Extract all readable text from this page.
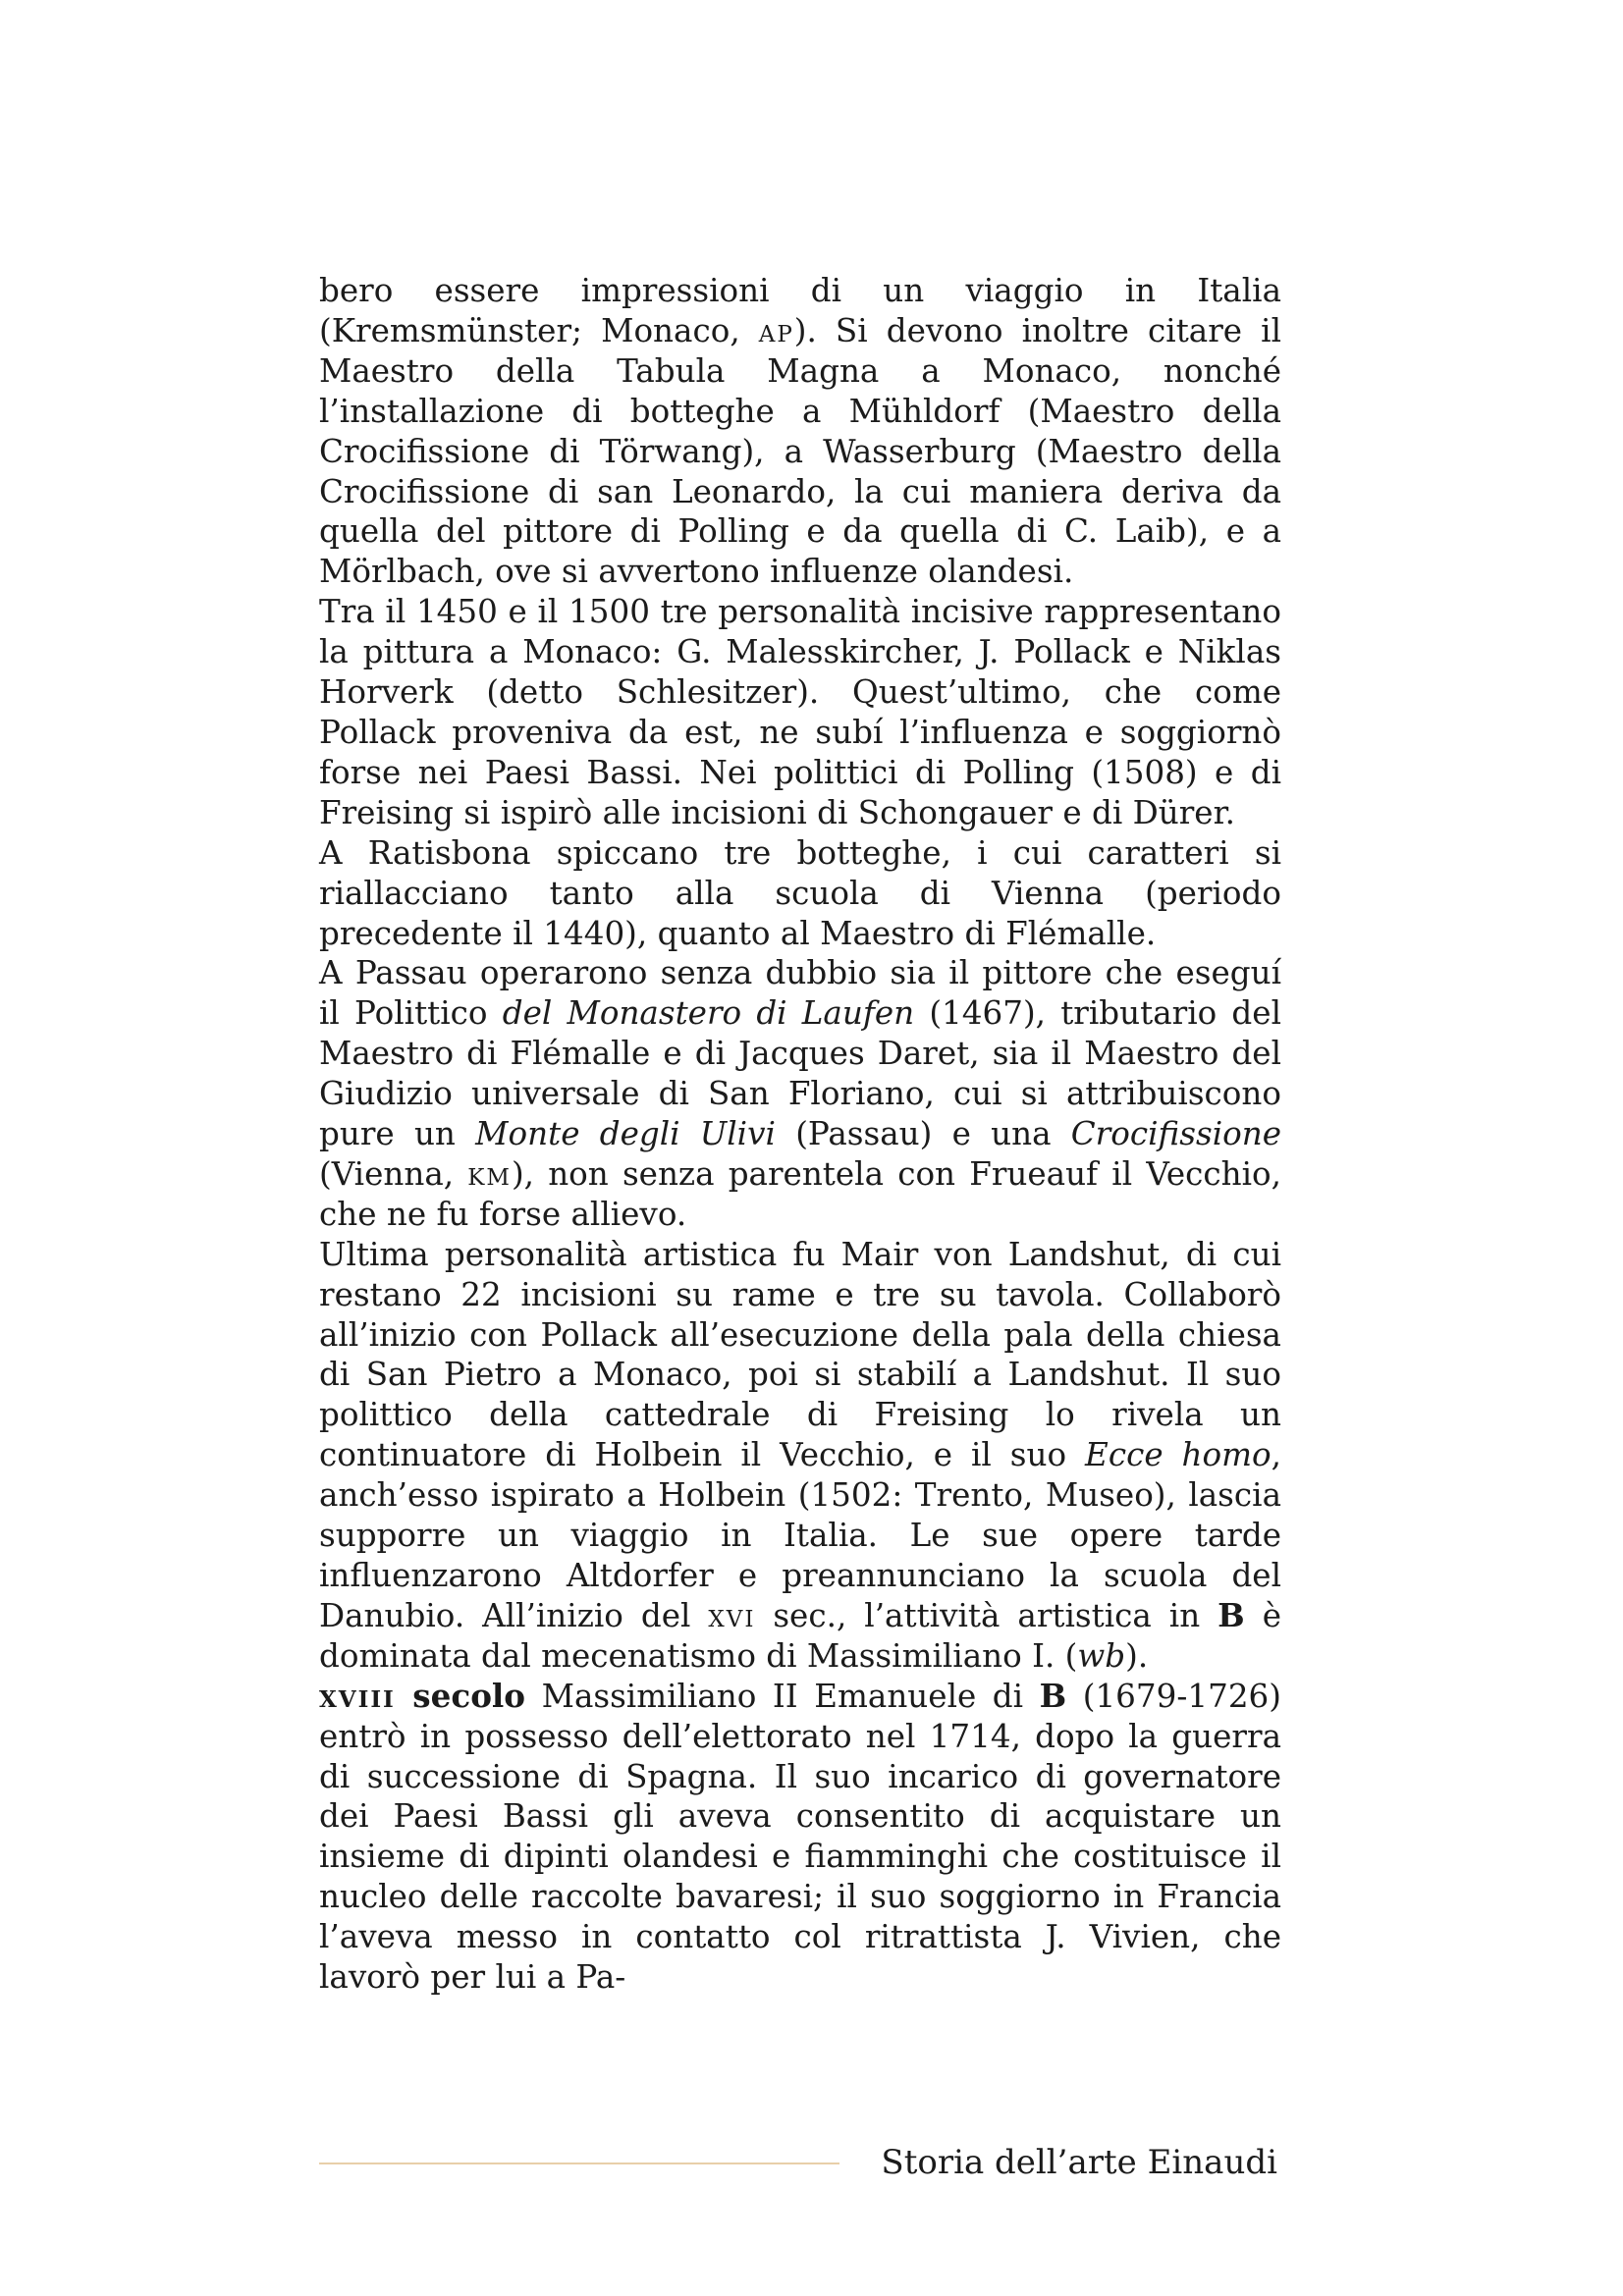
bero essere impressioni di un viaggio in Italia (Kremsmünster; Monaco, ap). Si devono inoltre citare il Maestro della Tabula Magna a Monaco, nonché l’installazione di botteghe a Mühldorf (Maestro della Crocifissione di Törwang), a Wasserburg (Maestro della Crocifissione di san Leonardo, la cui maniera deriva da quella del pittore di Polling e da quella di C. Laib), e a Mörlbach, ove si avvertono influenze olandesi.

Tra il 1450 e il 1500 tre personalità incisive rappresentano la pittura a Monaco: G. Malesskircher, J. Pollack e Niklas Horverk (detto Schlesitzer). Quest’ultimo, che come Pollack proveniva da est, ne subí l’influenza e soggiornò forse nei Paesi Bassi. Nei polittici di Polling (1508) e di Freising si ispirò alle incisioni di Schongauer e di Dürer.

A Ratisbona spiccano tre botteghe, i cui caratteri si riallacciano tanto alla scuola di Vienna (periodo precedente il 1440), quanto al Maestro di Flémalle.

A Passau operarono senza dubbio sia il pittore che eseguí il Polittico del Monastero di Laufen (1467), tributario del Maestro di Flémalle e di Jacques Daret, sia il Maestro del Giudizio universale di San Floriano, cui si attribuiscono pure un Monte degli Ulivi (Passau) e una Crocifissione (Vienna, km), non senza parentela con Frueauf il Vecchio, che ne fu forse allievo.

Ultima personalità artistica fu Mair von Landshut, di cui restano 22 incisioni su rame e tre su tavola. Collaborò all’inizio con Pollack all’esecuzione della pala della chiesa di San Pietro a Monaco, poi si stabilí a Landshut. Il suo polittico della cattedrale di Freising lo rivela un continuatore di Holbein il Vecchio, e il suo Ecce homo, anch’esso ispirato a Holbein (1502: Trento, Museo), lascia supporre un viaggio in Italia. Le sue opere tarde influenzarono Altdorfer e preannunciano la scuola del Danubio. All’inizio del xvi sec., l’attività artistica in B è dominata dal mecenatismo di Massimiliano I. (wb).

xviii secolo Massimiliano II Emanuele di B (1679-1726) entrò in possesso dell’elettorato nel 1714, dopo la guerra di successione di Spagna. Il suo incarico di governatore dei Paesi Bassi gli aveva consentito di acquistare un insieme di dipinti olandesi e fiamminghi che costituisce il nucleo delle raccolte bavaresi; il suo soggiorno in Francia l’aveva messo in contatto col ritrattista J. Vivien, che lavorò per lui a Pa-

Storia dell’arte Einaudi
